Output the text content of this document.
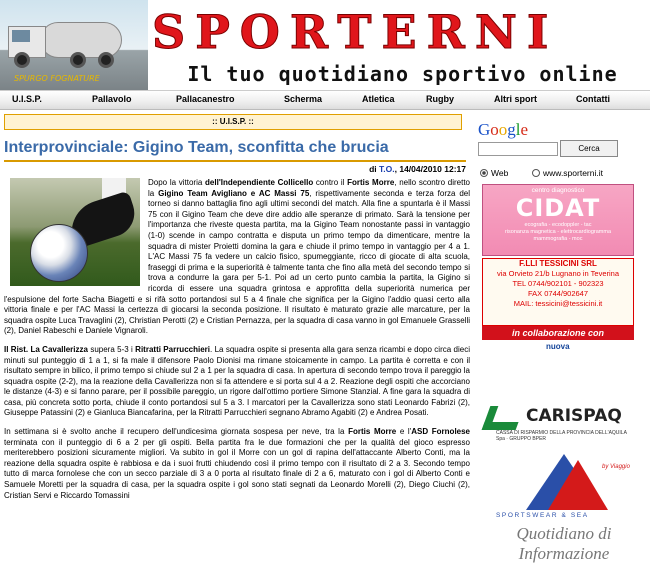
SPURGO FOGNATURE
SPORTERNI
Il tuo quotidiano sportivo online
U.I.S.P.	Pallavolo	Pallacanestro	Scherma	Atletica	Rugby	Altri sport	Contatti
:: U.I.S.P. ::
Interprovinciale: Gigino Team, sconfitta che brucia
di T.O., 14/04/2010 12:17

Dopo la vittoria dell'Independiente Collicello contro il Fortis Morre, nello scontro diretto la Gigino Team Avigliano e AC Massi 75, rispettivamente seconda e terza forza del torneo si danno battaglia fino agli ultimi secondi del match. Alla fine a spuntarla è il Massi 75 con il Gigino Team che deve dire addio alle speranze di primato. Sarà la tensione per l'importanza che riveste questa partita, ma la Gigino Team nonostante passi in vantaggio (1-0) scende in campo contratta e disputa un primo tempo da dimenticare, mentre la squadra di mister Proietti domina la gara e chiude il primo tempo in vantaggio per 4 a 1. L'AC Massi 75 fa vedere un calcio fisico, spumeggiante, ricco di giocate di alta scuola, fraseggi di prima e la superiorità è talmente tanta che fino alla metà del secondo tempo si trova a condurre la gara per 5-1. Poi ad un certo punto cambia la partita, la Gigino si ricorda di essere una squadra grintosa e approfitta della superiorità numerica per l'espulsione del forte Sacha Biagetti e si rifà sotto portandosi sul 5 a 4 finale che significa per la Gigino l'addio quasi certo alla vittoria finale e per l'AC Massi la certezza di giocarsi la seconda posizione. Il risultato è maturato grazie alle marcature, per la squadra ospite Luca Travaglini (2), Christian Perotti (2) e Cristian Pernazza, per la squadra di casa vanno in gol Emanuele Grasselli (2), Daniel Rabeschi e Daniele Vignaroli.

Il Rist. La Cavallerizza supera 5-3 i Ritratti Parrucchieri. La squadra ospite si presenta alla gara senza ricambi e dopo circa dieci minuti sul punteggio di 1 a 1, si fa male il difensore Paolo Dionisi ma rimane stoicamente in campo. La partita è corretta e con il risultato sempre in bilico, il primo tempo si chiude sul 2 a 1 per la squadra di casa. In apertura di secondo tempo trova il pareggio la squadra ospite (2-2), ma la reazione della Cavallerizza non si fa attendere e si porta sul 4 a 2. Reazione degli ospiti che accorciano le distanze (4-3) e si fanno parare, per il possibile pareggio, un rigore dall'ottimo portiere Simone Stanzial. A fine gara la squadra di casa, più concreta sotto porta, chiude il conto portandosi sul 5 a 3. I marcatori per la Cavallerizza sono stati Leonardo Fabrizi (2), Giuseppe Patassini (2) e Gianluca Biancafarina, per la Ritratti Parrucchieri segnano Abramo Agabiti (2) e Andrea Posati.

In settimana si è svolto anche il recupero dell'undicesima giornata sospesa per neve, tra la Fortis Morre e l'ASD Fornolese terminata con il punteggio di 6 a 2 per gli ospiti. Bella partita fra le due formazioni che per la qualità del gioco espresso meriterebbero posizioni sicuramente migliori. Va subito in gol il Morre con un gol di rapina dell'attaccante Alberto Conti, ma la reazione della squadra ospite è rabbiosa e da i suoi frutti chiudendo così il primo tempo con il risultato di 2 a 3. Secondo tempo tutto di marca fornolese che con un secco parziale di 3 a 0 porta al risultato finale di 2 a 6, maturato con i gol di Alberto Conti e Samuele Moretti per la squadra di casa, per la squadra ospite i gol sono stati segnati da Leonardo Morelli (2), Diego Ciuchi (2), Cristian Servi e Riccardo Tomassini

Google
Cerca
Web	www.sporterni.it
centro diagnostico
CIDAT
ecografia - ecodoppler - tac
risonanza magnetica - elettrocardiogramma
mammografia - moc
F.LLI TESSICINI SRL
via Orvieto 21/b Lugnano in Teverina
TEL 0744/902101 - 902323
FAX 0744/902647
MAIL: tessicini@tessicini.it
in collaborazione con
nuova
CARISPAQ
CASSA DI RISPARMIO DELLA PROVINCIA DELL'AQUILA Spa · GRUPPO BPER
by Viaggio
SPORTSWEAR & SEA
Quotidiano di Informazione
